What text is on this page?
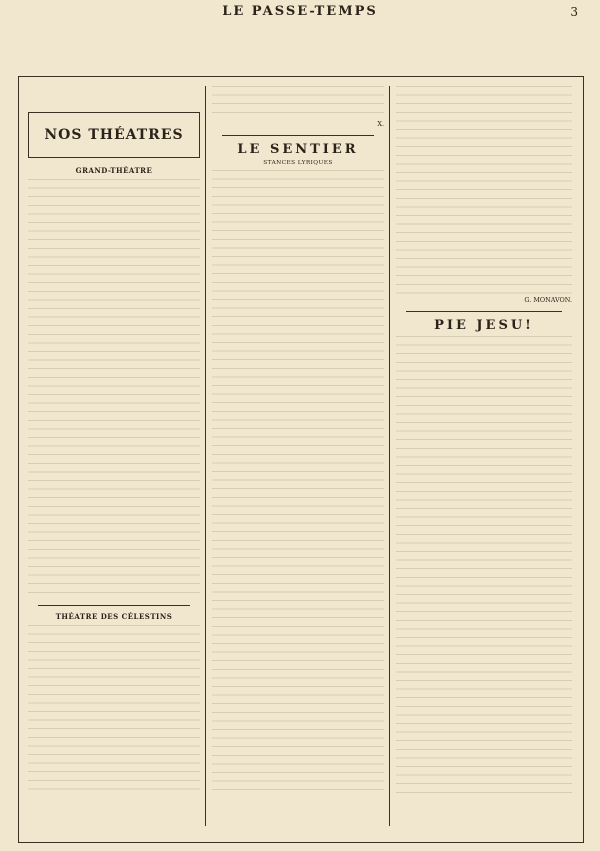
LE PASSE-TEMPS	3
NOS THÉATRES
GRAND-THÉATRE
THÉATRE DES CÉLESTINS
X.
LE SENTIER
STANCES LYRIQUES
G. MONAVON.
PIE JESU!
